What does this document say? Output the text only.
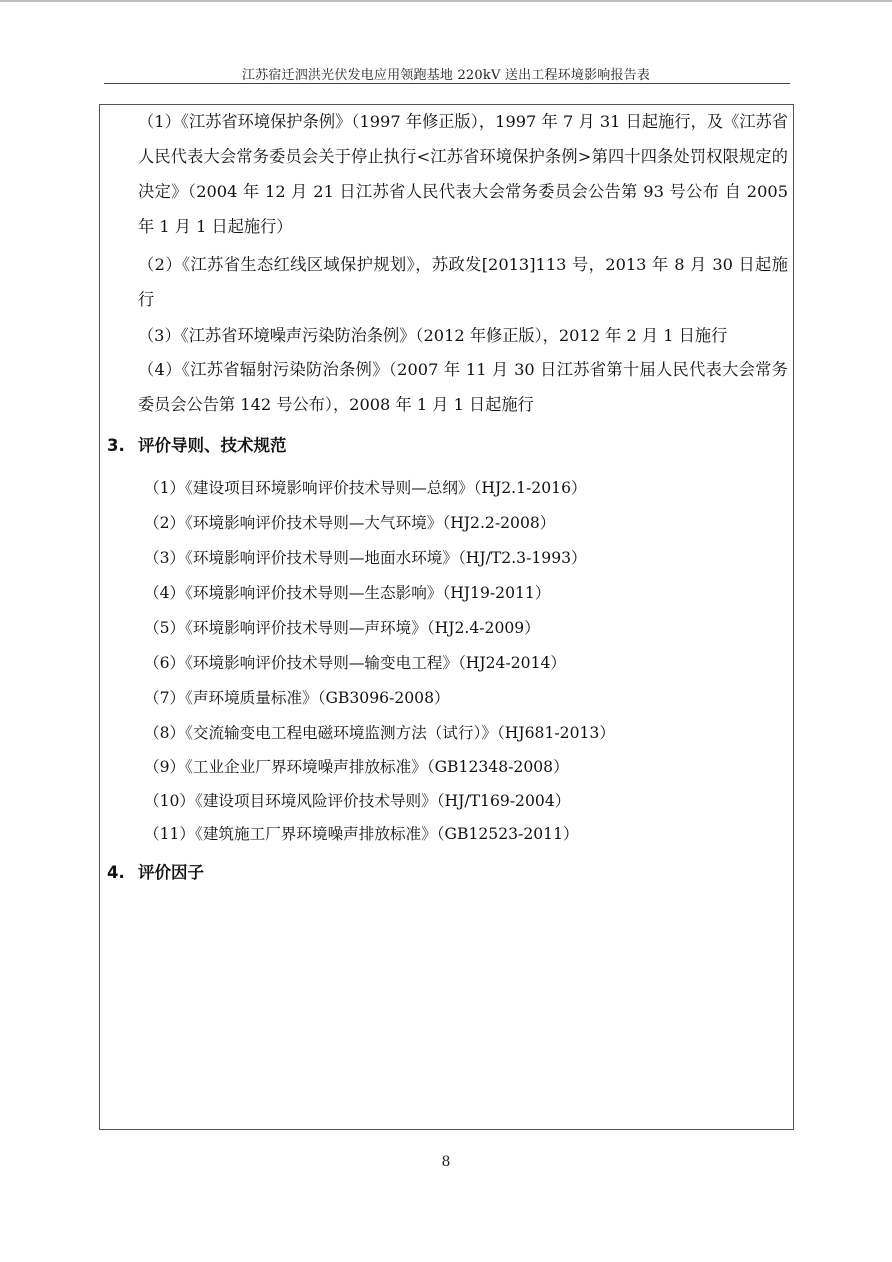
江苏宿迁泗洪光伏发电应用领跑基地 220kV 送出工程环境影响报告表

（1）《江苏省环境保护条例》（1997 年修正版），1997 年 7 月 31 日起施行，及《江苏省人民代表大会常务委员会关于停止执行<江苏省环境保护条例>第四十四条处罚权限规定的决定》（2004 年 12 月 21 日江苏省人民代表大会常务委员会公告第 93 号公布 自 2005 年 1 月 1 日起施行）

（2）《江苏省生态红线区域保护规划》，苏政发[2013]113 号，2013 年 8 月 30 日起施行

（3）《江苏省环境噪声污染防治条例》（2012 年修正版），2012 年 2 月 1 日施行

（4）《江苏省辐射污染防治条例》（2007 年 11 月 30 日江苏省第十届人民代表大会常务委员会公告第 142 号公布），2008 年 1 月 1 日起施行

3. 评价导则、技术规范

（1）《建设项目环境影响评价技术导则—总纲》（HJ2.1-2016）

（2）《环境影响评价技术导则—大气环境》（HJ2.2-2008）

（3）《环境影响评价技术导则—地面水环境》（HJ/T2.3-1993）

（4）《环境影响评价技术导则—生态影响》（HJ19-2011）

（5）《环境影响评价技术导则—声环境》（HJ2.4-2009）

（6）《环境影响评价技术导则—输变电工程》（HJ24-2014）

（7）《声环境质量标准》（GB3096-2008）

（8）《交流输变电工程电磁环境监测方法（试行）》（HJ681-2013）

（9）《工业企业厂界环境噪声排放标准》（GB12348-2008）

（10）《建设项目环境风险评价技术导则》（HJ/T169-2004）

（11）《建筑施工厂界环境噪声排放标准》（GB12523-2011）

4. 评价因子
8
